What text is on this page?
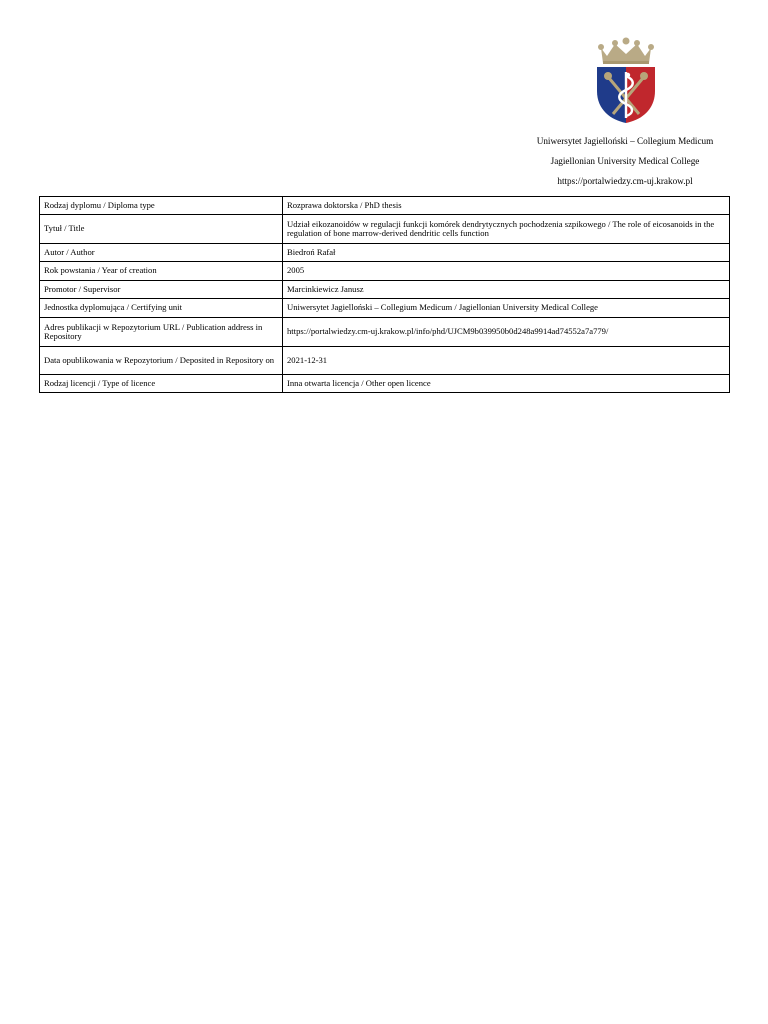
Uniwersytet Jagielloński – Collegium Medicum
Jagiellonian University Medical College
https://portalwiedzy.cm-uj.krakow.pl
Rodzaj dyplomu / Diploma type	Rozprawa doktorska / PhD thesis
Tytuł / Title	Udział eikozanoidów w regulacji funkcji komórek dendrytycznych pochodzenia szpikowego / The role of eicosanoids in the regulation of bone marrow-derived dendritic cells function
Autor / Author	Biedroń Rafał
Rok powstania / Year of creation	2005
Promotor / Supervisor	Marcinkiewicz Janusz
Jednostka dyplomująca / Certifying unit	Uniwersytet Jagielloński – Collegium Medicum / Jagiellonian University Medical College
Adres publikacji w Repozytorium URL / Publication address in Repository	https://portalwiedzy.cm-uj.krakow.pl/info/phd/UJCM9b039950b0d248a9914ad74552a7a779/
Data opublikowania w Repozytorium / Deposited in Repository on	2021-12-31
Rodzaj licencji / Type of licence	Inna otwarta licencja / Other open licence
